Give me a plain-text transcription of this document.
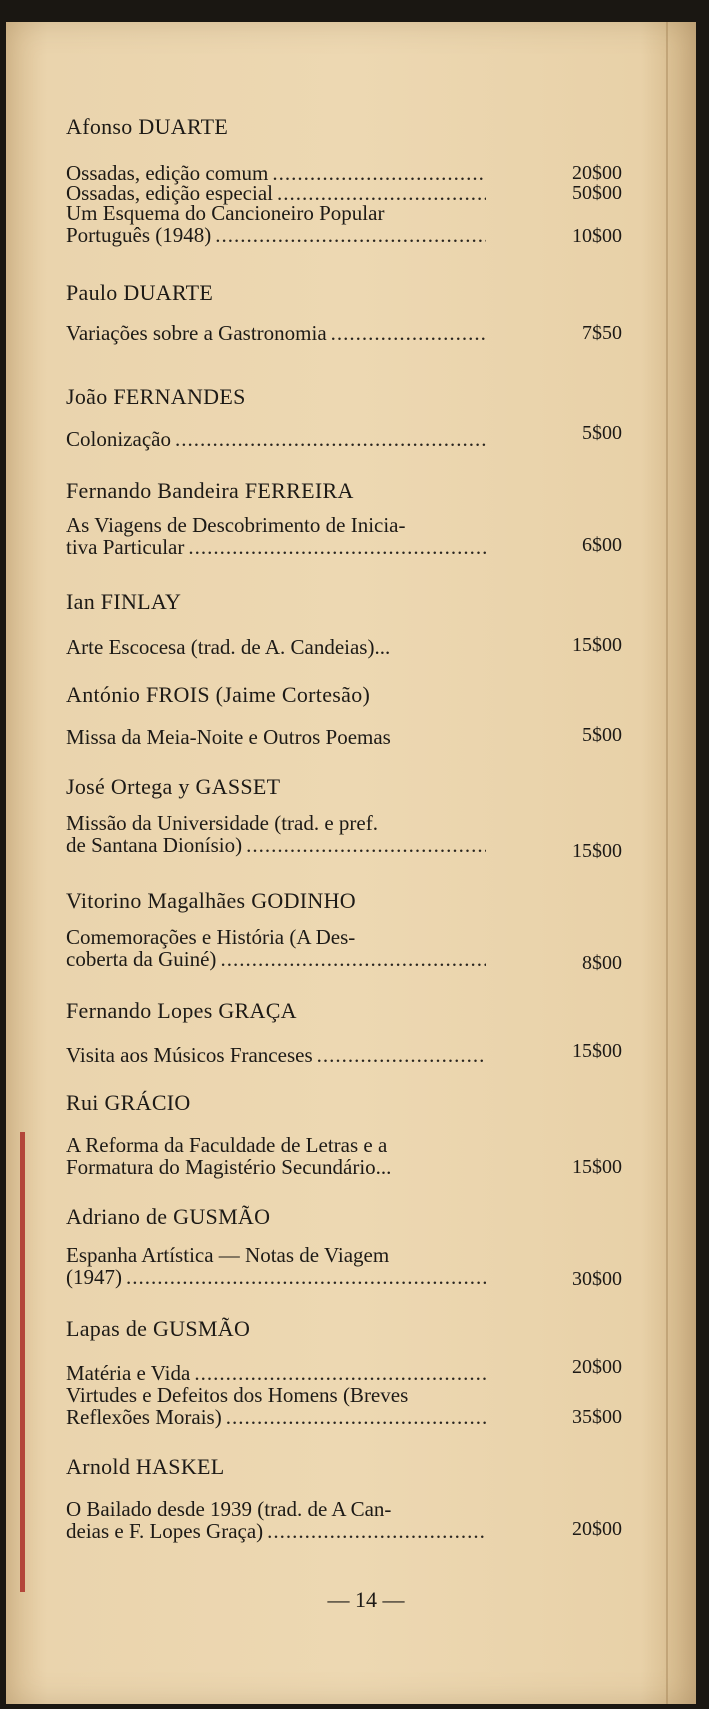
Afonso DUARTE
Ossadas, edição comum .....	20$00
Ossadas, edição especial .....	50$00
Um Esquema do Cancioneiro Popular
Português (1948) .....	10$00
Paulo DUARTE
Variações sobre a Gastronomia .....	7$50
João FERNANDES
Colonização .....	5$00
Fernando Bandeira FERREIRA
As Viagens de Descobrimento de Inicia-
tiva Particular .....	6$00
Ian FINLAY
Arte Escocesa (trad. de A. Candeias)...	15$00
António FROIS (Jaime Cortesão)
Missa da Meia-Noite e Outros Poemas	5$00
José Ortega y GASSET
Missão da Universidade (trad. e pref.
de Santana Dionísio) .....	15$00
Vitorino Magalhães GODINHO
Comemorações e História (A Des-
coberta da Guiné) .....	8$00
Fernando Lopes GRAÇA
Visita aos Músicos Franceses .....	15$00
Rui GRÁCIO
A Reforma da Faculdade de Letras e a
Formatura do Magistério Secundário...	15$00
Adriano de GUSMÃO
Espanha Artística — Notas de Viagem
(1947) .....	30$00
Lapas de GUSMÃO
Matéria e Vida .....	20$00
Virtudes e Defeitos dos Homens (Breves
Reflexões Morais) .....	35$00
Arnold HASKEL
O Bailado desde 1939 (trad. de A Can-
deias e F. Lopes Graça) .....	20$00
— 14 —
